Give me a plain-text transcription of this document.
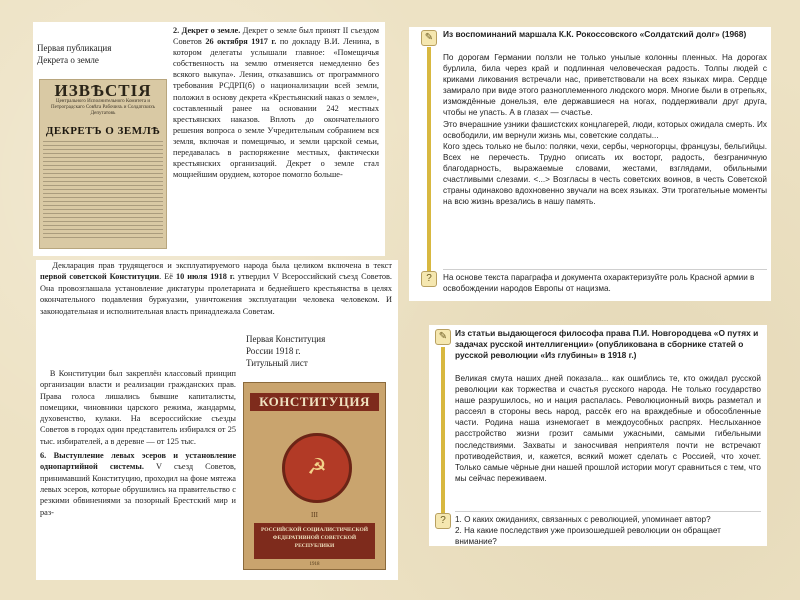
Первая публикация
Декрета о земле
ИЗВѢСТIЯ
Центрального Исполнительного Комитета и Петроградскаго Совѣта Рабочихъ и Солдатскихъ Депутатовъ
ДЕКРЕТЪ О ЗЕМЛѢ
2. Декрет о земле. Декрет о земле был принят II съездом Советов 26 октября 1917 г. по докладу В.И. Ленина, в котором делегаты услышали главное: «Помещичья собственность на землю отменяется немедленно без всякого выкупа». Ленин, отказавшись от программного требования РСДРП(б) о национализации всей земли, положил в основу декрета «Крестьянский наказ о земле», составленный ранее на основании 242 местных крестьянских наказов. Вплоть до окончательного решения вопроса о земле Учредительным собранием вся земля, включая и помещичью, и земли царской семьи, передавалась в распоряжение местных, фактически крестьянских организаций. Декрет о земле стал мощнейшим орудием, которое помогло больше-
Декларация прав трудящегося и эксплуатируемого народа была целиком включена в текст первой советской Конституции. Её 10 июля 1918 г. утвердил V Всероссийский съезд Советов. Она провозглашала установление диктатуры пролетариата и беднейшего крестьянства в целях окончательного подавления буржуазии, уничтожения эксплуатации человека человеком. И законодательная и исполнительная власть принадлежала Советам.
В Конституции был закреплён классовый принцип организации власти и реализации гражданских прав. Права голоса лишались бывшие капиталисты, помещики, чиновники царского режима, жандармы, духовенство, кулаки. На всероссийские съезды Советов в городах один представитель избирался от 25 тыс. избирателей, а в деревне — от 125 тыс.
6. Выступление левых эсеров и установление однопартийной системы. V съезд Советов, принимавший Конституцию, проходил на фоне мятежа левых эсеров, которые обрушились на правительство с резкими обвинениями за позорный Брестский мир и раз-
Первая Конституция
России 1918 г.
Титульный лист
КОНСТИТУЦИЯ
☭
III
РОССИЙСКОЙ СОЦИАЛИСТИЧЕСКОЙ ФЕДЕРАТИВНОЙ СОВЕТСКОЙ РЕСПУБЛИКИ
1918
✎	Из воспоминаний маршала К.К. Рокоссовского «Солдатский долг» (1968)
По дорогам Германии ползли не только унылые колонны пленных. На дорогах бурлила, била через край и подлинная человеческая радость. Толпы людей с криками ликования встречали нас, приветствовали на всех языках мира. Сердце замирало при виде этого разноплеменного людского моря. Многие были в отрепьях, измождённые донельзя, еле державшиеся на ногах, поддерживали друг друга, чтобы не упасть. А в глазах — счастье.
Это вчерашние узники фашистских концлагерей, люди, которых ожидала смерть. Их освободили, им вернули жизнь мы, советские солдаты...
Кого здесь только не было: поляки, чехи, сербы, черногорцы, французы, бельгийцы. Всех не перечесть. Трудно описать их восторг, радость, безграничную благодарность, выражаемые словами, жестами, взглядами, обильными счастливыми слезами. <...> Возгласы в честь советских воинов, в честь Советской страны одинаково вдохновенно звучали на всех языках. Эти трогательные моменты на всю жизнь врезались в нашу память.
?	На основе текста параграфа и документа охарактеризуйте роль Красной армии в освобождении народов Европы от нацизма.
✎ Из статьи выдающегося философа права П.И. Новгородцева «О путях и задачах русской интеллигенции» (опубликована в сборнике статей о русской революции «Из глубины» в 1918 г.)
Великая смута наших дней показала... как ошиблись те, кто ожидал русской революции как торжества и счастья русского народа. Не только государство наше разрушилось, но и нация распалась. Революционный вихрь разметал и рассеял в стороны весь народ, рассёк его на враждебные и обособленные части. Родина наша изнемогает в междоусобных распрях. Неслыханное расстройство жизни грозит самыми ужасными, самыми гибельными последствиями. Захваты и заносчивая неприятеля почти не встречают противодействия, и, кажется, всякий может сделать с Россией, что хочет. Только самые чёрные дни нашей прошлой истории могут сравниться с тем, что мы сейчас переживаем.
?	1. О каких ожиданиях, связанных с революцией, упоминает автор?
2. На какие последствия уже произошедшей революции он обращает внимание?
